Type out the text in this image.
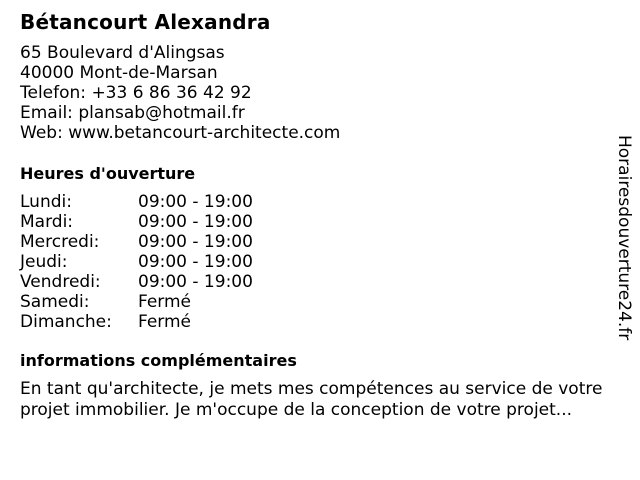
Bétancourt Alexandra
65 Boulevard d'Alingsas
40000 Mont-de-Marsan
Telefon: +33 6 86 36 42 92
Email: plansab@hotmail.fr
Web: www.betancourt-architecte.com
Heures d'ouverture
Lundi:	09:00 - 19:00
Mardi:	09:00 - 19:00
Mercredi:	09:00 - 19:00
Jeudi:	09:00 - 19:00
Vendredi:	09:00 - 19:00
Samedi:	Fermé
Dimanche:	Fermé
informations complémentaires
En tant qu'architecte, je mets mes compétences au service de votre projet immobilier. Je m'occupe de la conception de votre projet...
Horairesdouverture24.fr
